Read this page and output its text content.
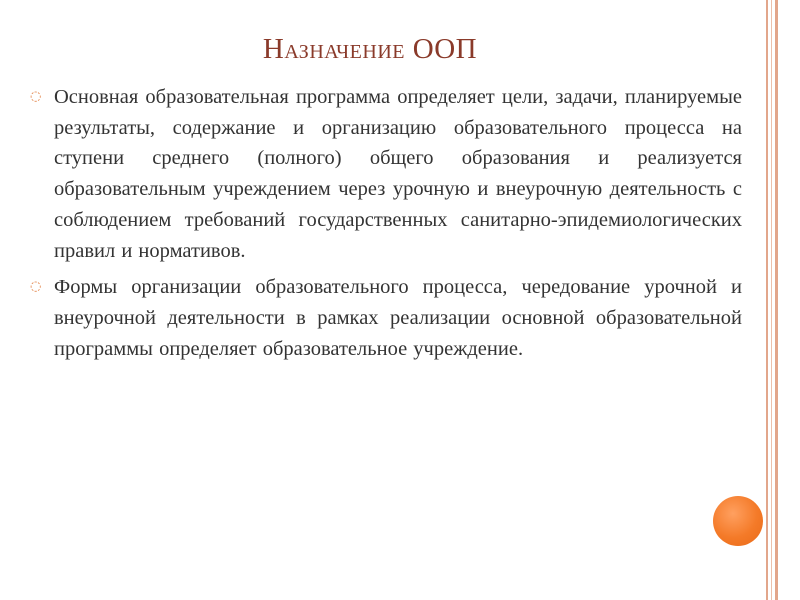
Назначение ООП
◌ Основная образовательная программа определяет цели, задачи, планируемые результаты, содержание и организацию образовательного процесса на ступени среднего (полного) общего образования и реализуется образовательным учреждением через урочную и внеурочную деятельность с соблюдением требований государственных санитарно-эпидемиологических правил и нормативов.
◌ Формы организации образовательного процесса, чередование урочной и внеурочной деятельности в рамках реализации основной образовательной программы определяет образовательное учреждение.
